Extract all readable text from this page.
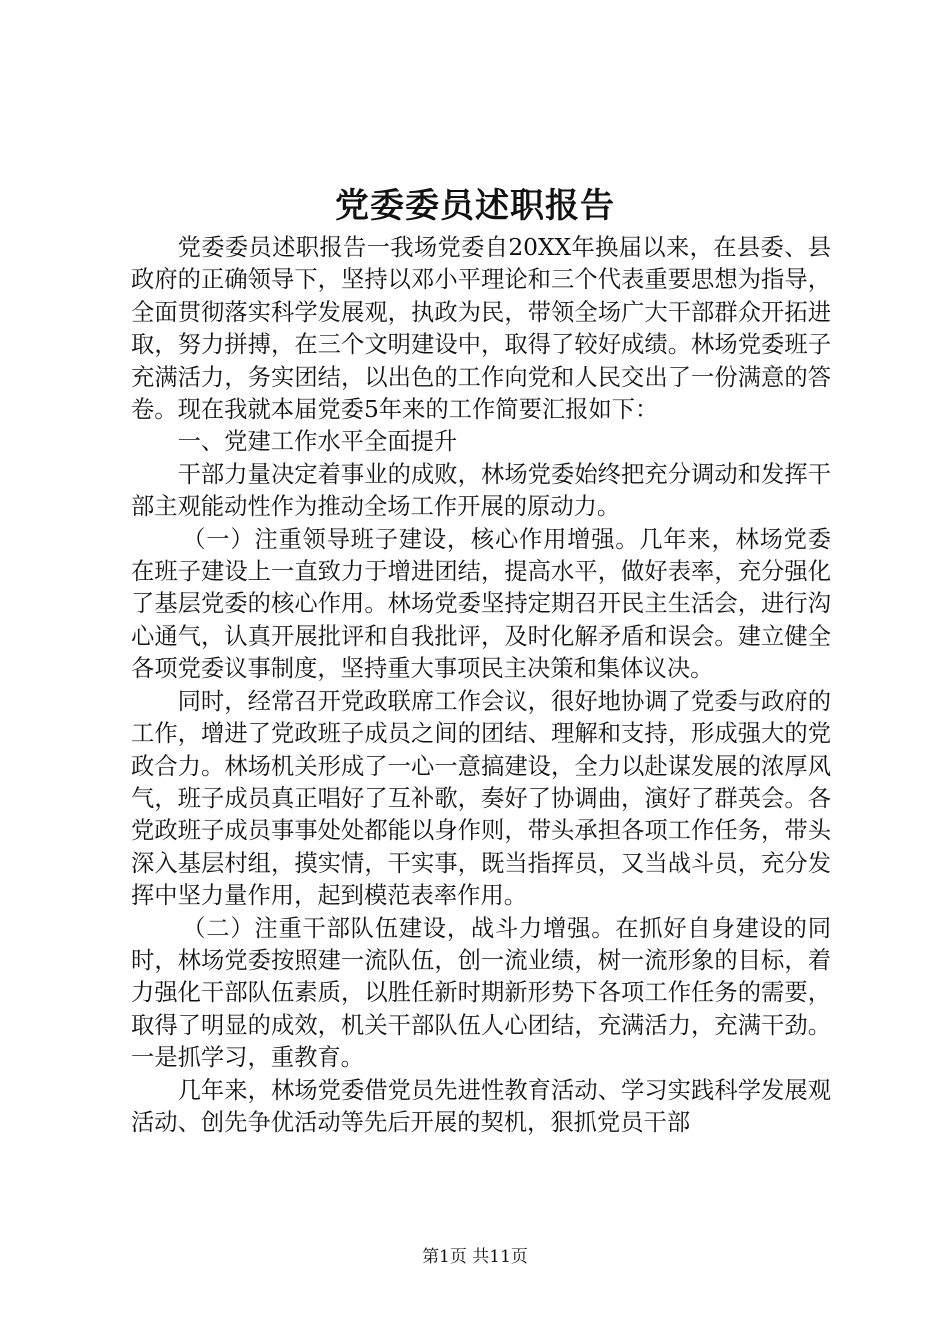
党委委员述职报告

党委委员述职报告一我场党委自20XX年换届以来，在县委、县政府的正确领导下，坚持以邓小平理论和三个代表重要思想为指导，全面贯彻落实科学发展观，执政为民，带领全场广大干部群众开拓进取，努力拼搏，在三个文明建设中，取得了较好成绩。林场党委班子充满活力，务实团结，以出色的工作向党和人民交出了一份满意的答卷。现在我就本届党委5年来的工作简要汇报如下：

一、党建工作水平全面提升

干部力量决定着事业的成败，林场党委始终把充分调动和发挥干部主观能动性作为推动全场工作开展的原动力。

（一）注重领导班子建设，核心作用增强。几年来，林场党委在班子建设上一直致力于增进团结，提高水平，做好表率，充分强化了基层党委的核心作用。林场党委坚持定期召开民主生活会，进行沟心通气，认真开展批评和自我批评，及时化解矛盾和误会。建立健全各项党委议事制度，坚持重大事项民主决策和集体议决。

同时，经常召开党政联席工作会议，很好地协调了党委与政府的工作，增进了党政班子成员之间的团结、理解和支持，形成强大的党政合力。林场机关形成了一心一意搞建设，全力以赴谋发展的浓厚风气，班子成员真正唱好了互补歌，奏好了协调曲，演好了群英会。各党政班子成员事事处处都能以身作则，带头承担各项工作任务，带头深入基层村组，摸实情，干实事，既当指挥员，又当战斗员，充分发挥中坚力量作用，起到模范表率作用。

（二）注重干部队伍建设，战斗力增强。在抓好自身建设的同时，林场党委按照建一流队伍，创一流业绩，树一流形象的目标，着力强化干部队伍素质，以胜任新时期新形势下各项工作任务的需要，取得了明显的成效，机关干部队伍人心团结，充满活力，充满干劲。一是抓学习，重教育。

几年来，林场党委借党员先进性教育活动、学习实践科学发展观活动、创先争优活动等先后开展的契机，狠抓党员干部

第1页 共11页
